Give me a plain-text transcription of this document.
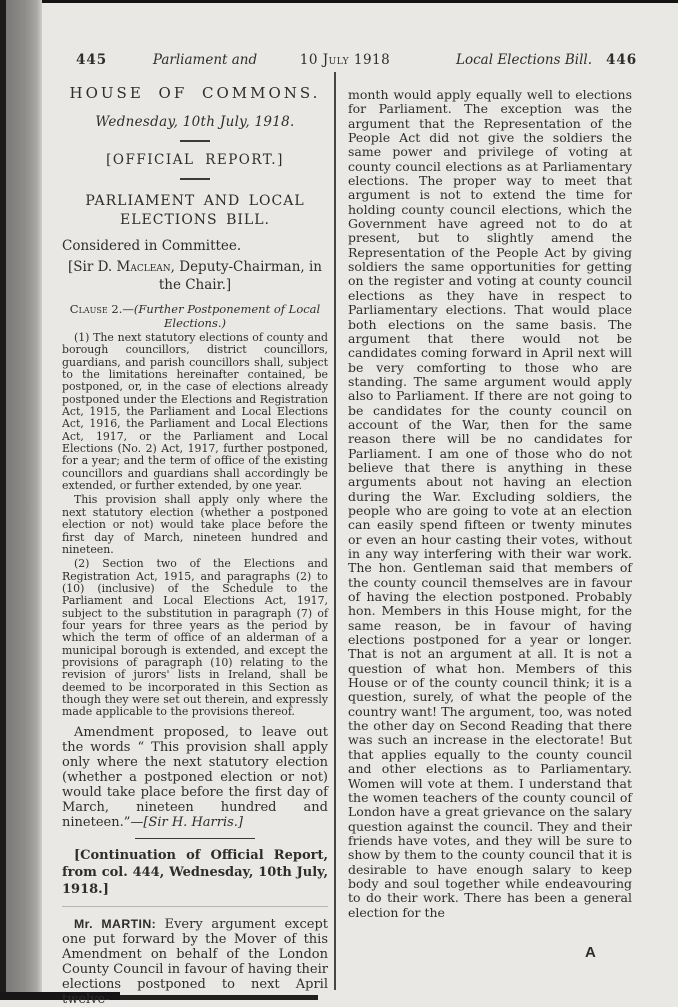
445	Parliament and	10 July 1918	Local Elections Bill. 446

HOUSE OF COMMONS.

Wednesday, 10th July, 1918.

[OFFICIAL REPORT.]

PARLIAMENT AND LOCAL ELECTIONS BILL.

Considered in Committee.

[Sir D. Maclean, Deputy-Chairman, in the Chair.]

Clause 2.—(Further Postponement of Local Elections.)

(1) The next statutory elections of county and borough councillors, district councillors, guardians, and parish councillors shall, subject to the limitations hereinafter contained, be postponed, or, in the case of elections already postponed under the Elections and Registration Act, 1915, the Parliament and Local Elections Act, 1916, the Parliament and Local Elections Act, 1917, or the Parliament and Local Elections (No. 2) Act, 1917, further postponed, for a year; and the term of office of the existing councillors and guardians shall accordingly be extended, or further extended, by one year.

This provision shall apply only where the next statutory election (whether a postponed election or not) would take place before the first day of March, nineteen hundred and nineteen.

(2) Section two of the Elections and Registration Act, 1915, and paragraphs (2) to (10) (inclusive) of the Schedule to the Parliament and Local Elections Act, 1917, subject to the substitution in paragraph (7) of four years for three years as the period by which the term of office of an alderman of a municipal borough is extended, and except the provisions of paragraph (10) relating to the revision of jurors' lists in Ireland, shall be deemed to be incorporated in this Section as though they were set out therein, and expressly made applicable to the provisions thereof.

Amendment proposed, to leave out the words “ This provision shall apply only where the next statutory election (whether a postponed election or not) would take place before the first day of March, nineteen hundred and nineteen.”—[Sir H. Harris.]

[Continuation of Official Report, from col. 444, Wednesday, 10th July, 1918.]

Mr. MARTIN: Every argument except one put forward by the Mover of this Amendment on behalf of the London County Council in favour of having their elections postponed to next April twelve-

month would apply equally well to elections for Parliament. The exception was the argument that the Representation of the People Act did not give the soldiers the same power and privilege of voting at county council elections as at Parliamentary elections. The proper way to meet that argument is not to extend the time for holding county council elections, which the Government have agreed not to do at present, but to slightly amend the Representation of the People Act by giving soldiers the same opportunities for getting on the register and voting at county council elections as they have in respect to Parliamentary elections. That would place both elections on the same basis. The argument that there would not be candidates coming forward in April next will be very comforting to those who are standing. The same argument would apply also to Parliament. If there are not going to be candidates for the county council on account of the War, then for the same reason there will be no candidates for Parliament. I am one of those who do not believe that there is anything in these arguments about not having an election during the War. Excluding soldiers, the people who are going to vote at an election can easily spend fifteen or twenty minutes or even an hour casting their votes, without in any way interfering with their war work. The hon. Gentleman said that members of the county council themselves are in favour of having the election postponed. Probably hon. Members in this House might, for the same reason, be in favour of having elections postponed for a year or longer. That is not an argument at all. It is not a question of what hon. Members of this House or of the county council think; it is a question, surely, of what the people of the country want! The argument, too, was noted the other day on Second Reading that there was such an increase in the electorate! But that applies equally to the county council and other elections as to Parliamentary. Women will vote at them. I understand that the women teachers of the county council of London have a great grievance on the salary question against the council. They and their friends have votes, and they will be sure to show by them to the county council that it is desirable to have enough salary to keep body and soul together while endeavouring to do their work. There has been a general election for the

A
